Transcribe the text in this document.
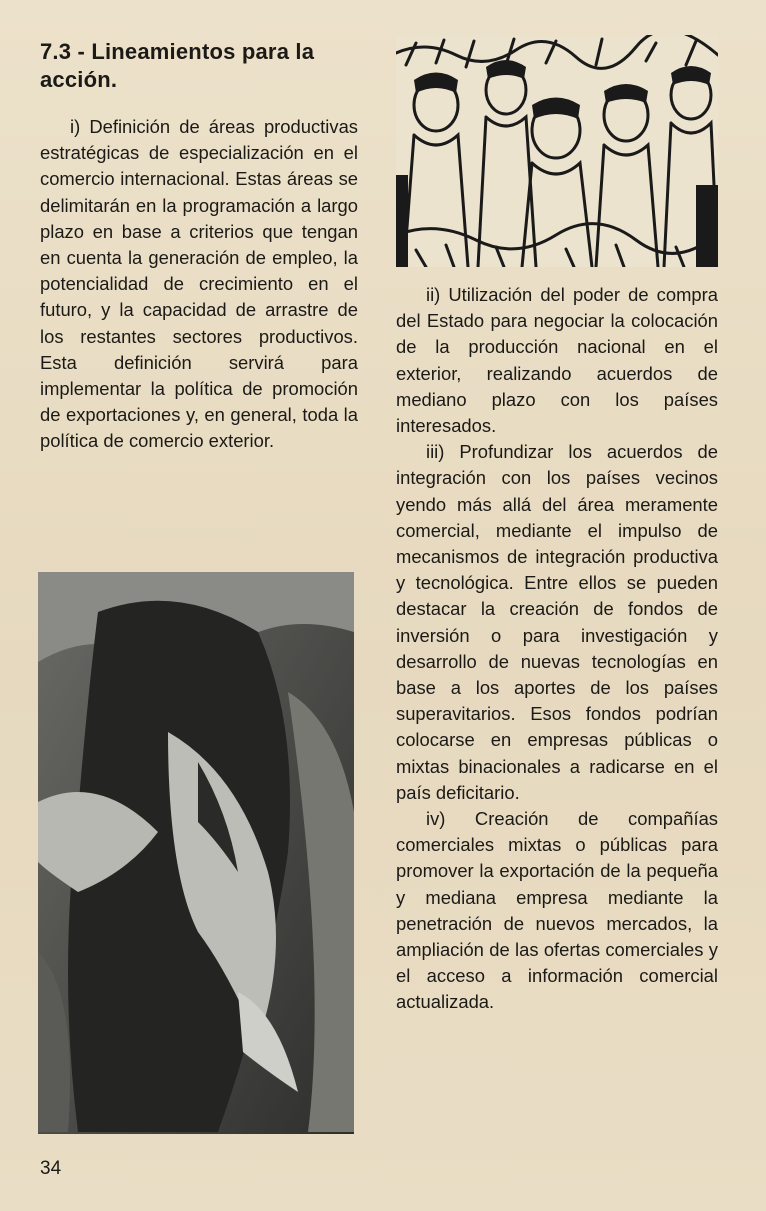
7.3 - Lineamientos para la acción.

i) Definición de áreas productivas estratégicas de especialización en el comercio internacional. Estas áreas se delimitarán en la programación a largo plazo en base a criterios que tengan en cuenta la generación de empleo, la potencialidad de crecimiento en el futuro, y la capacidad de arrastre de los restantes sectores productivos. Esta definición servirá para implementar la política de promoción de exportaciones y, en general, toda la política de comercio exterior.

ii) Utilización del poder de compra del Estado para negociar la colocación de la producción nacional en el exterior, realizando acuerdos de mediano plazo con los países interesados.

iii) Profundizar los acuerdos de integración con los países vecinos yendo más allá del área meramente comercial, mediante el impulso de mecanismos de integración productiva y tecnológica. Entre ellos se pueden destacar la creación de fondos de inversión o para investigación y desarrollo de nuevas tecnologías en base a los aportes de los países superavitarios. Esos fondos podrían colocarse en empresas públicas o mixtas binacionales a radicarse en el país deficitario.

iv) Creación de compañías comerciales mixtas o públicas para promover la exportación de la pequeña y mediana empresa mediante la penetración de nuevos mercados, la ampliación de las ofertas comerciales y el acceso a información comercial actualizada.

34
